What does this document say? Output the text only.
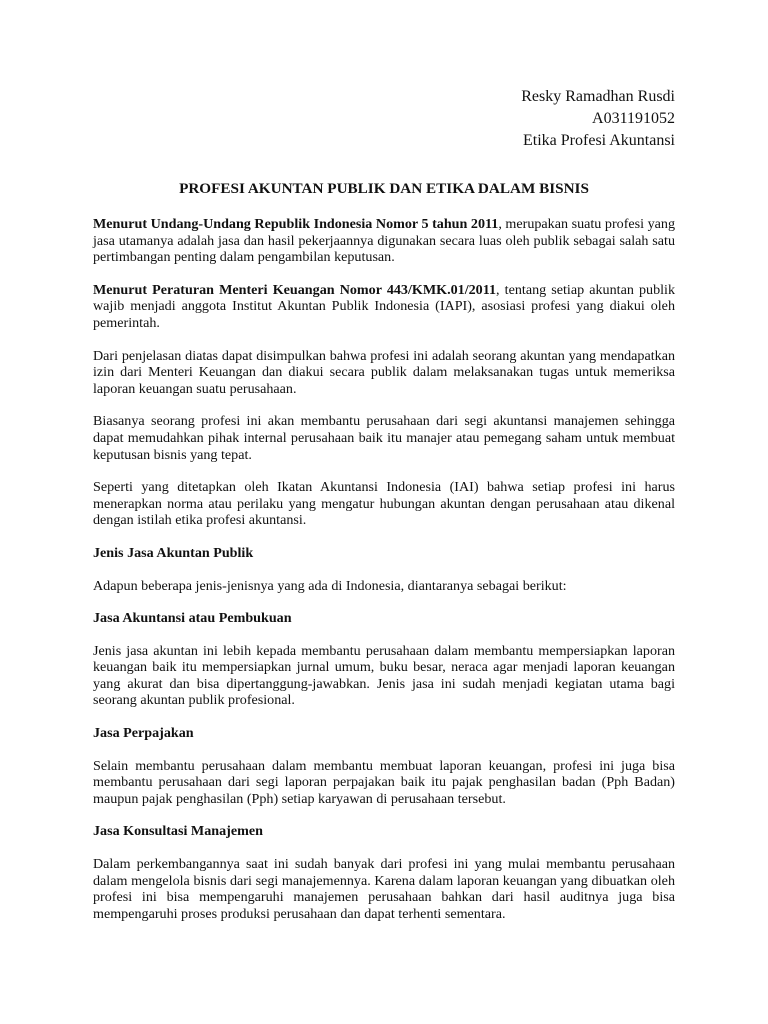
Resky Ramadhan Rusdi
A031191052
Etika Profesi Akuntansi
PROFESI AKUNTAN PUBLIK DAN ETIKA DALAM BISNIS

Menurut Undang-Undang Republik Indonesia Nomor 5 tahun 2011, merupakan suatu profesi yang jasa utamanya adalah jasa dan hasil pekerjaannya digunakan secara luas oleh publik sebagai salah satu pertimbangan penting dalam pengambilan keputusan.

Menurut Peraturan Menteri Keuangan Nomor 443/KMK.01/2011, tentang setiap akuntan publik wajib menjadi anggota Institut Akuntan Publik Indonesia (IAPI), asosiasi profesi yang diakui oleh pemerintah.

Dari penjelasan diatas dapat disimpulkan bahwa profesi ini adalah seorang akuntan yang mendapatkan izin dari Menteri Keuangan dan diakui secara publik dalam melaksanakan tugas untuk memeriksa laporan keuangan suatu perusahaan.

Biasanya seorang profesi ini akan membantu perusahaan dari segi akuntansi manajemen sehingga dapat memudahkan pihak internal perusahaan baik itu manajer atau pemegang saham untuk membuat keputusan bisnis yang tepat.

Seperti yang ditetapkan oleh Ikatan Akuntansi Indonesia (IAI) bahwa setiap profesi ini harus menerapkan norma atau perilaku yang mengatur hubungan akuntan dengan perusahaan atau dikenal dengan istilah etika profesi akuntansi.

Jenis Jasa Akuntan Publik

Adapun beberapa jenis-jenisnya yang ada di Indonesia, diantaranya sebagai berikut:

Jasa Akuntansi atau Pembukuan

Jenis jasa akuntan ini lebih kepada membantu perusahaan dalam membantu mempersiapkan laporan keuangan baik itu mempersiapkan jurnal umum, buku besar, neraca agar menjadi laporan keuangan yang akurat dan bisa dipertanggung-jawabkan. Jenis jasa ini sudah menjadi kegiatan utama bagi seorang akuntan publik profesional.

Jasa Perpajakan

Selain membantu perusahaan dalam membantu membuat laporan keuangan, profesi ini juga bisa membantu perusahaan dari segi laporan perpajakan baik itu pajak penghasilan badan (Pph Badan) maupun pajak penghasilan (Pph) setiap karyawan di perusahaan tersebut.

Jasa Konsultasi Manajemen

Dalam perkembangannya saat ini sudah banyak dari profesi ini yang mulai membantu perusahaan dalam mengelola bisnis dari segi manajemennya. Karena dalam laporan keuangan yang dibuatkan oleh profesi ini bisa mempengaruhi manajemen perusahaan bahkan dari hasil auditnya juga bisa mempengaruhi proses produksi perusahaan dan dapat terhenti sementara.
